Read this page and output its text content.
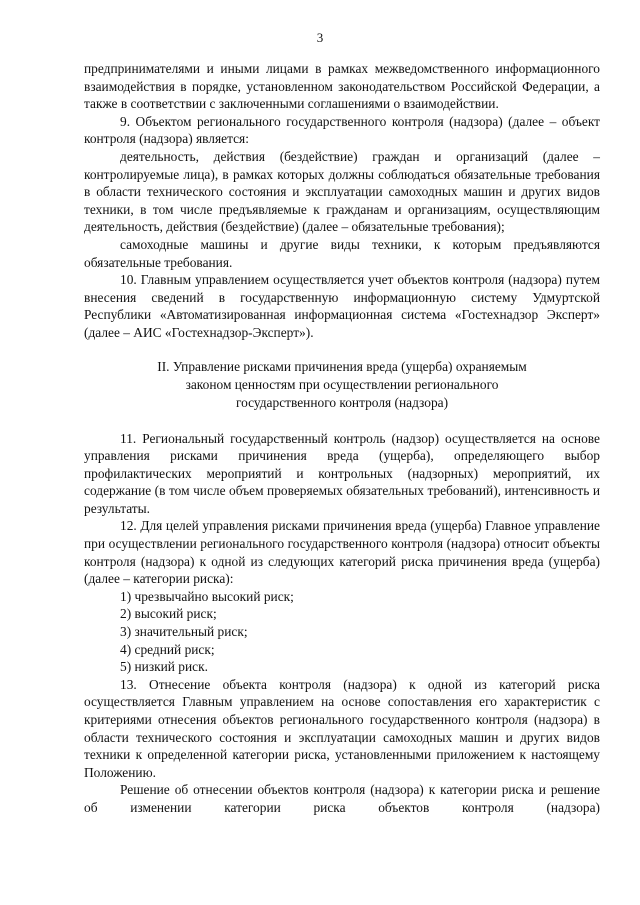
3

предпринимателями и иными лицами в рамках межведомственного информационного взаимодействия в порядке, установленном законодательством Российской Федерации, а также в соответствии с заключенными соглашениями о взаимодействии.

9. Объектом регионального государственного контроля (надзора) (далее – объект контроля (надзора) является:

деятельность, действия (бездействие) граждан и организаций (далее – контролируемые лица), в рамках которых должны соблюдаться обязательные требования в области технического состояния и эксплуатации самоходных машин и других видов техники, в том числе предъявляемые к гражданам и организациям, осуществляющим деятельность, действия (бездействие) (далее – обязательные требования);

самоходные машины и другие виды техники, к которым предъявляются обязательные требования.

10. Главным управлением осуществляется учет объектов контроля (надзора) путем внесения сведений в государственную информационную систему Удмуртской Республики «Автоматизированная информационная система «Гостехнадзор Эксперт» (далее – АИС «Гостехнадзор-Эксперт»).

II. Управление рисками причинения вреда (ущерба) охраняемым
законом ценностям при осуществлении регионального
государственного контроля (надзора)

11. Региональный государственный контроль (надзор) осуществляется на основе управления рисками причинения вреда (ущерба), определяющего выбор профилактических мероприятий и контрольных (надзорных) мероприятий, их содержание (в том числе объем проверяемых обязательных требований), интенсивность и результаты.

12. Для целей управления рисками причинения вреда (ущерба) Главное управление при осуществлении регионального государственного контроля (надзора) относит объекты контроля (надзора) к одной из следующих категорий риска причинения вреда (ущерба) (далее – категории риска):

1) чрезвычайно высокий риск;

2) высокий риск;

3) значительный риск;

4) средний риск;

5) низкий риск.

13. Отнесение объекта контроля (надзора) к одной из категорий риска осуществляется Главным управлением на основе сопоставления его характеристик с критериями отнесения объектов регионального государственного контроля (надзора) в области технического состояния и эксплуатации самоходных машин и других видов техники к определенной категории риска, установленными приложением к настоящему Положению.

Решение об отнесении объектов контроля (надзора) к категории риска и решение об изменении категории риска объектов контроля (надзора)
